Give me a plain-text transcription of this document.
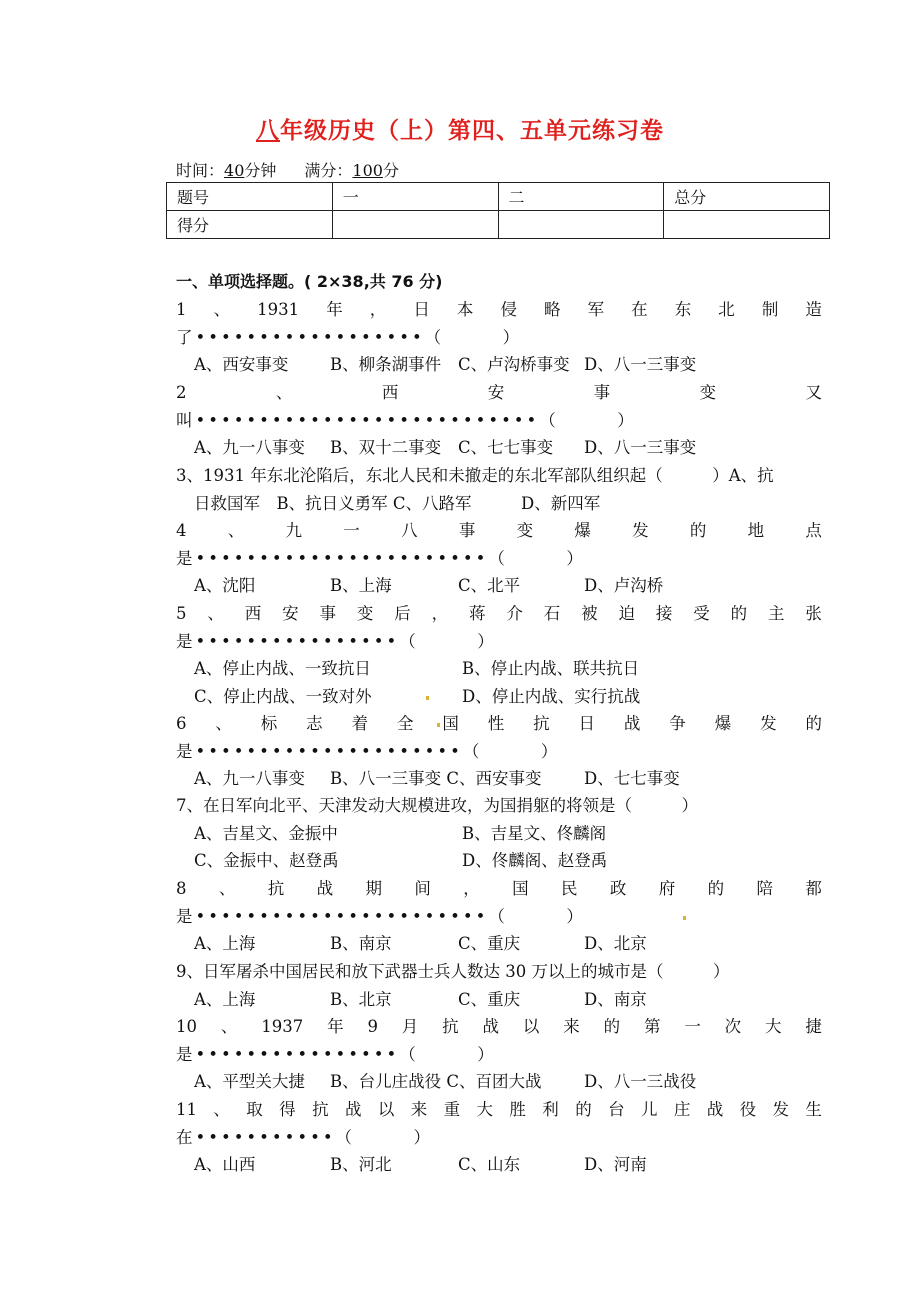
八年级历史（上）第四、五单元练习卷
时间：40分钟 满分：100分
题号	一	二	总分
得分			
一、单项选择题。( 2×38,共 76 分)
1 、 1931 年 ， 日 本 侵 略 军 在 东 北 制 造
了••••••••••••••••••（　　　）
A、西安事变	B、柳条湖事件 C、卢沟桥事变 D、八一三事变
2	、	西	安	事	变	又
叫•••••••••••••••••••••••••••（　　　）
A、九一八事变 B、双十二事变 C、七七事变 D、八一三事变
3、1931 年东北沦陷后，东北人民和未撤走的东北军部队组织起（　　　）A、抗
日救国军　B、抗日义勇军 C、八路军　　　D、新四军
4	、	九	一	八	事	变	爆	发	的	地	点
是•••••••••••••••••••••••（　　　）
A、沈阳	B、上海	C、北平	D、卢沟桥
5 、 西 安 事 变 后 ， 蒋 介 石 被 迫 接 受 的 主 张
是••••••••••••••••（　　　）
A、停止内战、一致抗日	B、停止内战、联共抗日
C、停止内战、一致对外	D、停止内战、实行抗战
6 、 标 志 着 全 国 性 抗 日 战 争 爆 发 的
是•••••••••••••••••••••（　　　）
A、九一八事变 B、八一三事变 C、西安事变	D、七七事变
7、在日军向北平、天津发动大规模进攻，为国捐躯的将领是（　　　）
A、吉星文、金振中	B、吉星文、佟麟阁
C、金振中、赵登禹	D、佟麟阁、赵登禹
8 、 抗 战 期 间 ， 国 民 政 府 的 陪 都
是•••••••••••••••••••••••（　　　）
A、上海	B、南京	C、重庆	D、北京
9、日军屠杀中国居民和放下武器士兵人数达 30 万以上的城市是（　　　）
A、上海	B、北京	C、重庆	D、南京
10 、 1937 年 9 月 抗 战 以 来 的 第 一 次 大 捷
是••••••••••••••••（　　　）
A、平型关大捷 B、台儿庄战役 C、百团大战	D、八一三战役
11 、 取 得 抗 战 以 来 重 大 胜 利 的 台 儿 庄 战 役 发 生
在•••••••••••（　　　）
A、山西	B、河北	C、山东	D、河南
